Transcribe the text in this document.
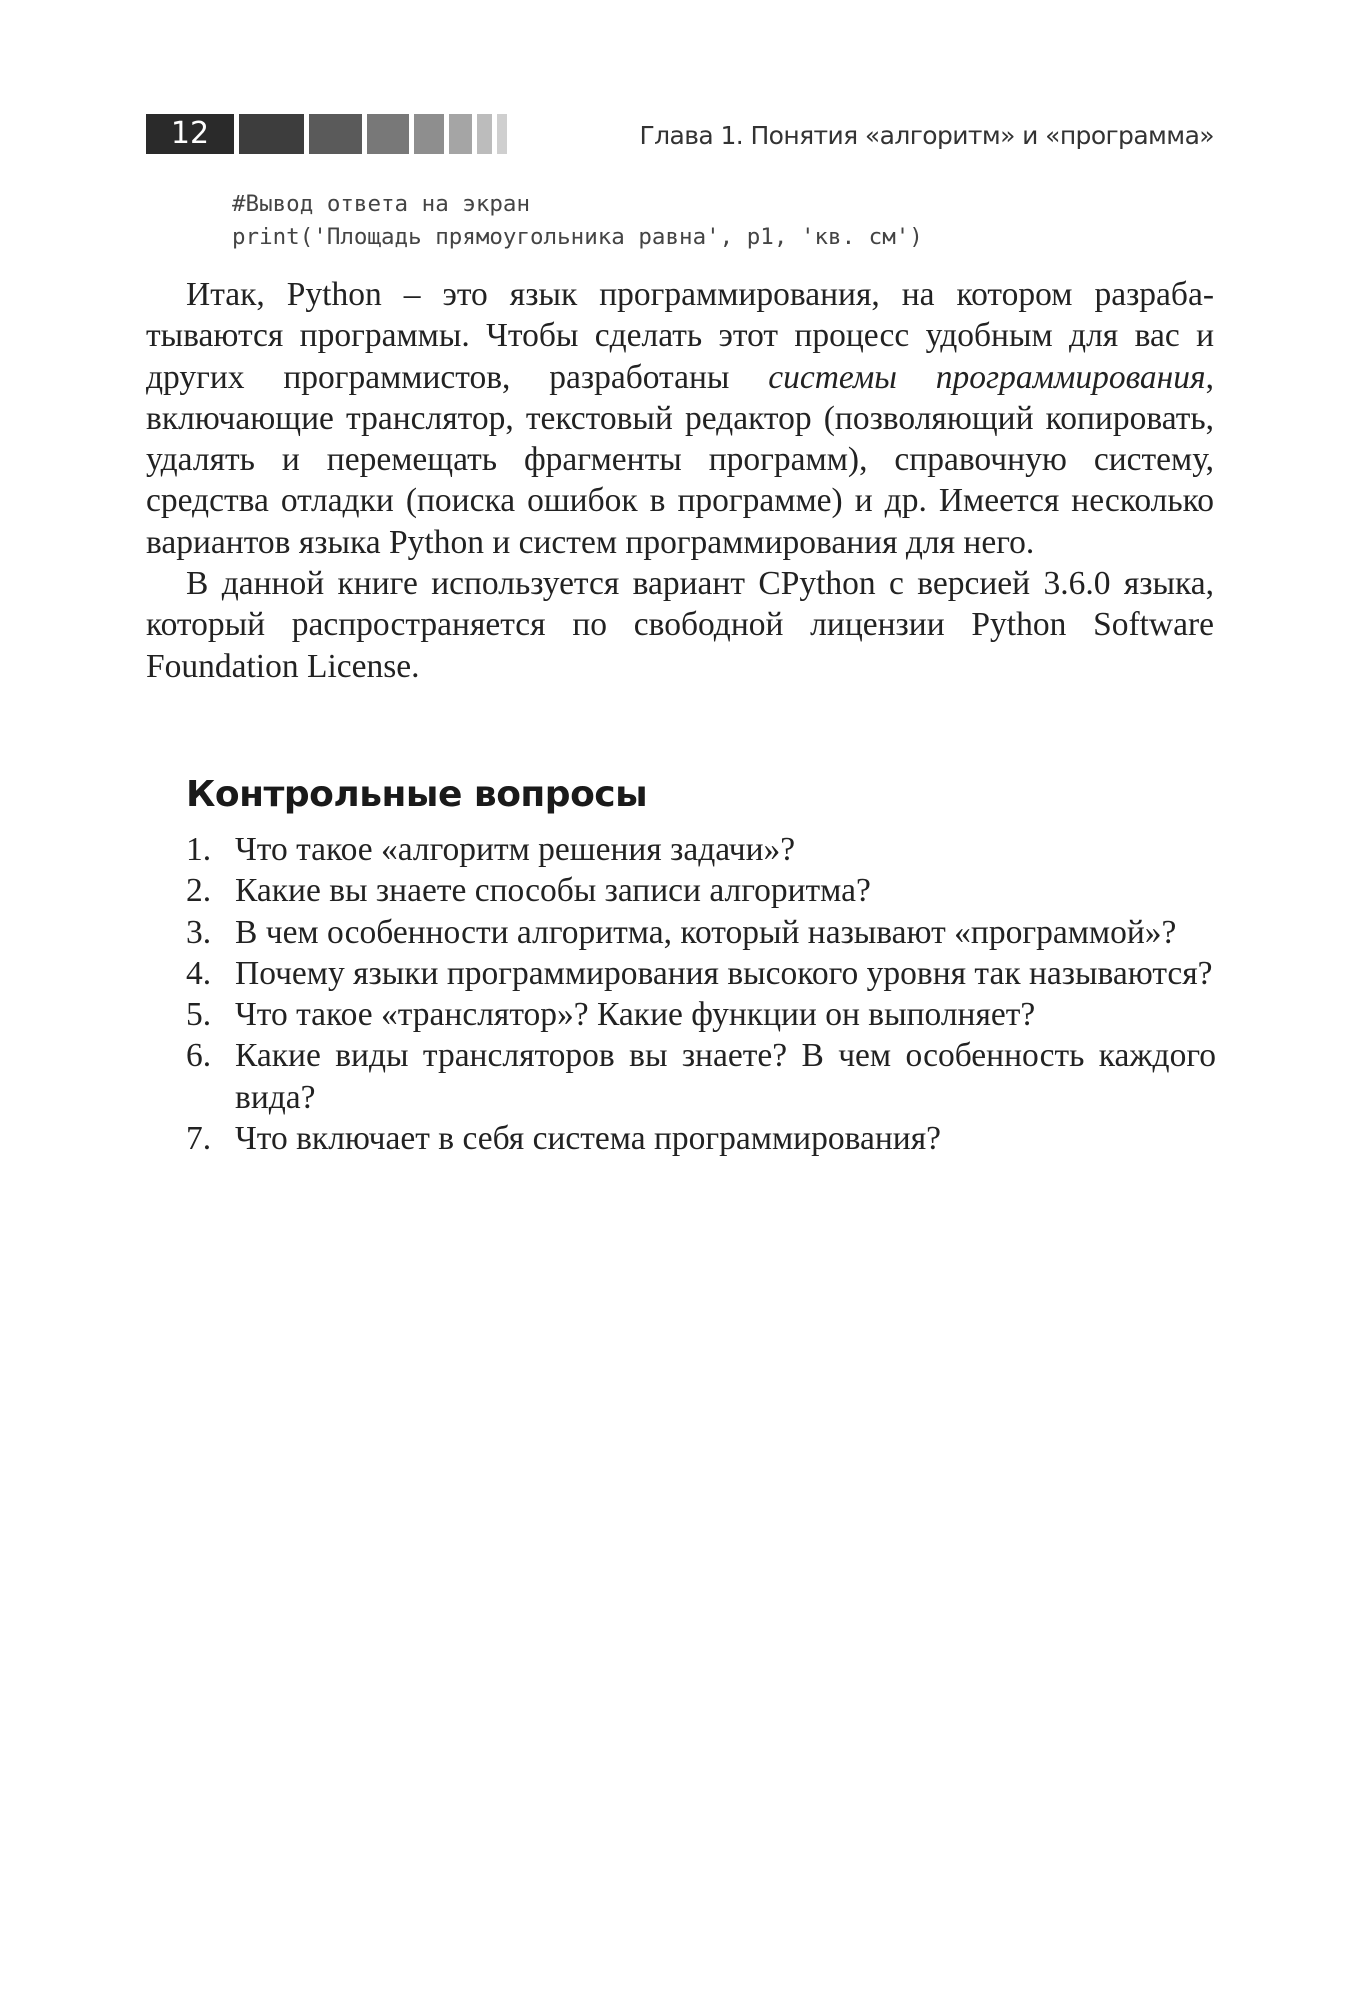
12	Глава 1. Понятия «алгоритм» и «программа»
#Вывод ответа на экран
print('Площадь прямоугольника равна', p1, 'кв. см')

Итак, Python – это язык программирования, на котором разрабатываются программы. Чтобы сделать этот процесс удобным для вас и других программистов, разработаны системы программирования, включающие транслятор, текстовый редактор (позволяющий копировать, удалять и перемещать фрагменты программ), справочную систему, средства отладки (поиска ошибок в программе) и др. Имеется несколько вариантов языка Python и систем программирования для него.

В данной книге используется вариант CPython с версией 3.6.0 языка, который распространяется по свободной лицензии Python Software Foundation License.

Контрольные вопросы
1. Что такое «алгоритм решения задачи»?
2. Какие вы знаете способы записи алгоритма?
3. В чем особенности алгоритма, который называют «программой»?
4. Почему языки программирования высокого уровня так называются?
5. Что такое «транслятор»? Какие функции он выполняет?
6. Какие виды трансляторов вы знаете? В чем особенность каждого вида?
7. Что включает в себя система программирования?
